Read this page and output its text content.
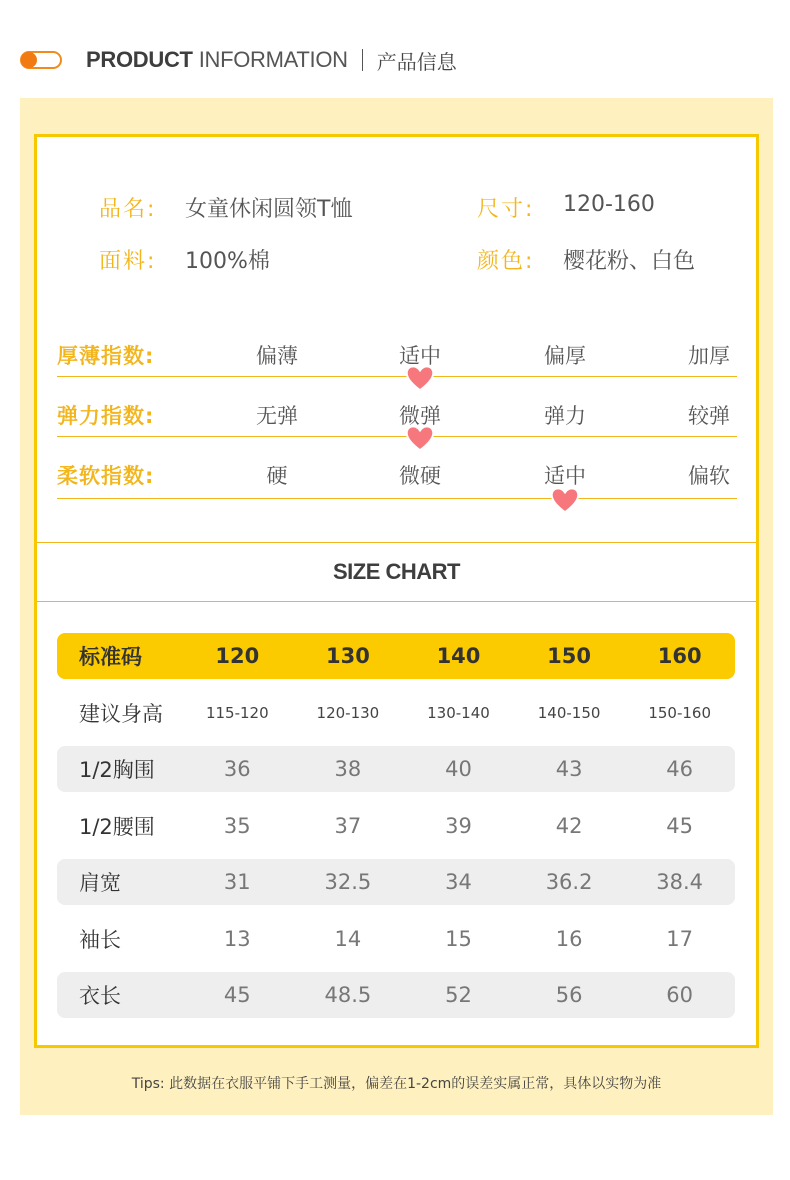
PRODUCT INFORMATION 产品信息
品名:	女童休闲圆领T恤	尺寸:	120-160
面料:	100%棉	颜色:	樱花粉、白色
厚薄指数:	偏薄	适中	偏厚	加厚
弹力指数:	无弹	微弹	弹力	较弹
柔软指数:	硬	微硬	适中	偏软
SIZE CHART
标准码	120	130	140	150	160
建议身高	115-120	120-130	130-140	140-150	150-160
1/2胸围	36	38	40	43	46
1/2腰围	35	37	39	42	45
肩宽	31	32.5	34	36.2	38.4
袖长	13	14	15	16	17
衣长	45	48.5	52	56	60
Tips: 此数据在衣服平铺下手工测量，偏差在1-2cm的误差实属正常，具体以实物为准
